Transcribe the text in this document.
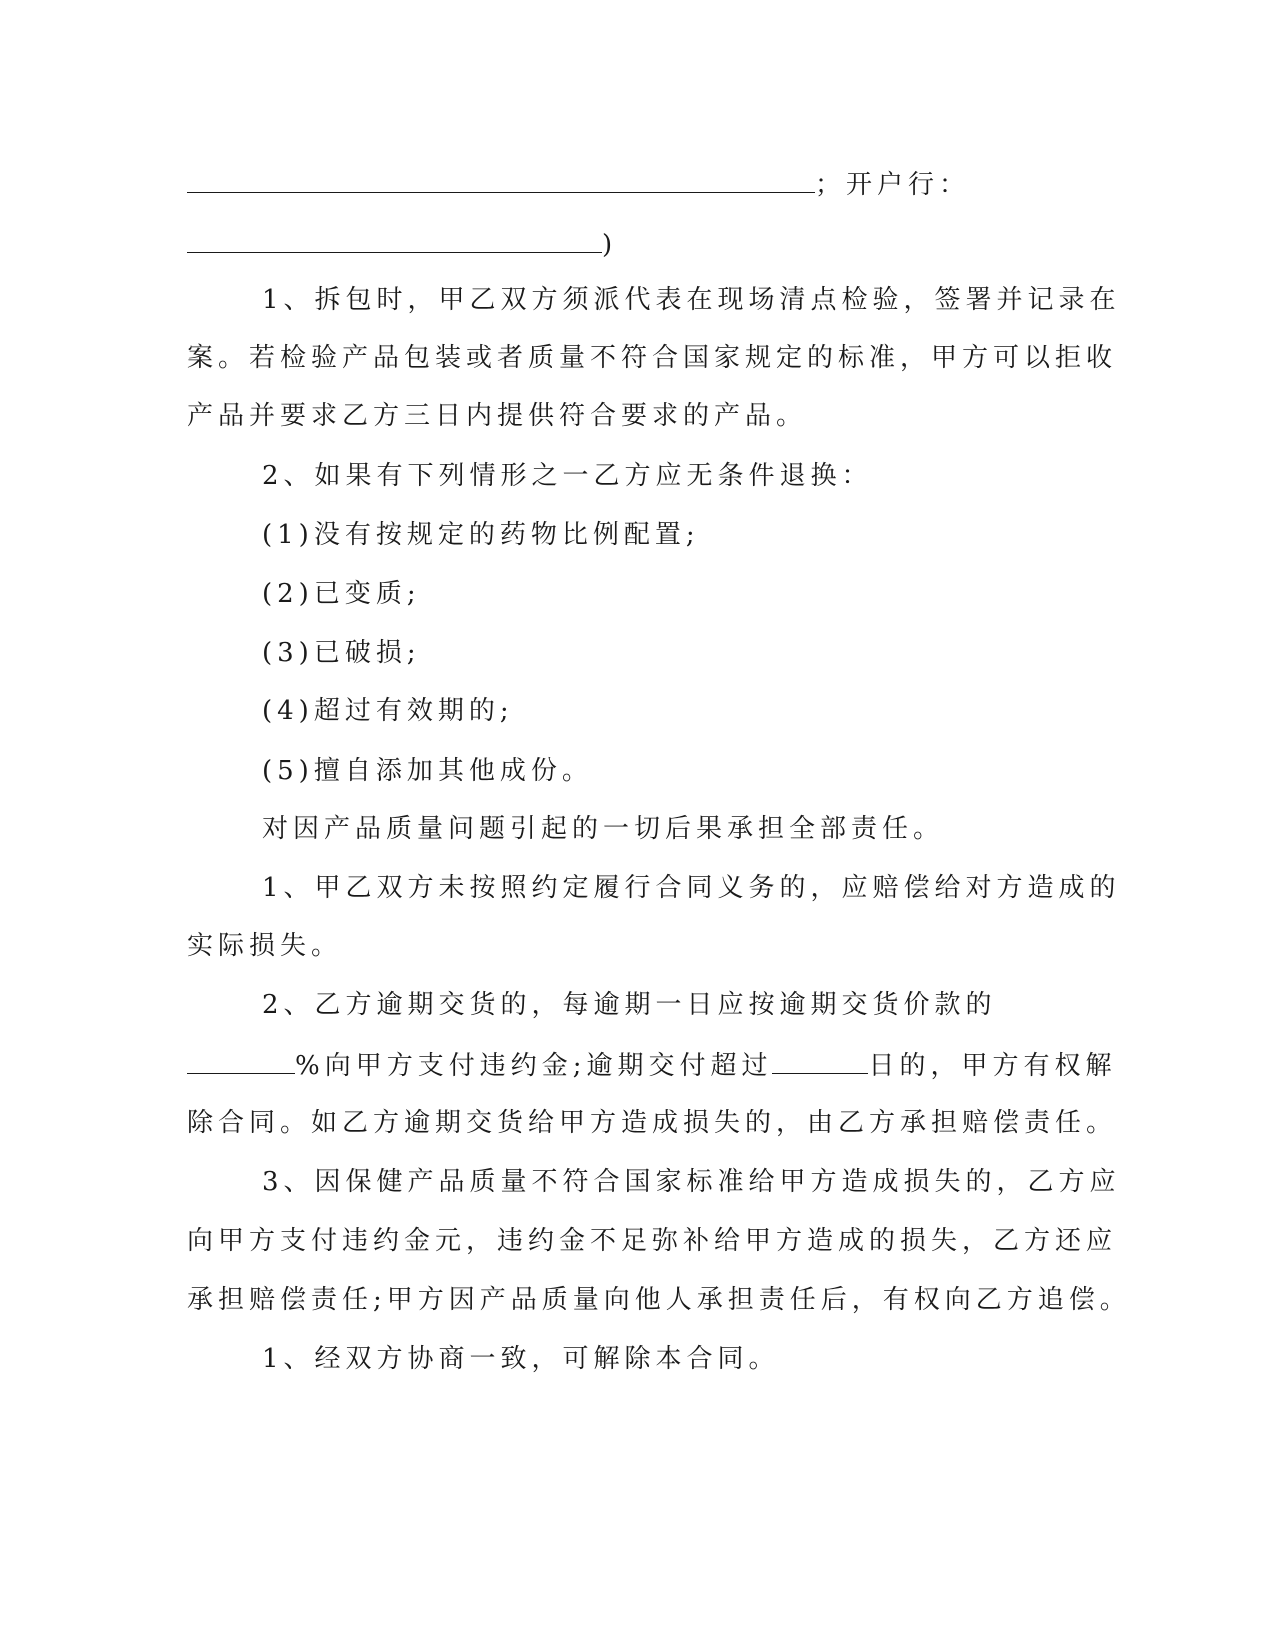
；开户行：
)
1、拆包时，甲乙双方须派代表在现场清点检验，签署并记录在
案。若检验产品包装或者质量不符合国家规定的标准，甲方可以拒收
产品并要求乙方三日内提供符合要求的产品。
2、如果有下列情形之一乙方应无条件退换：
(1)没有按规定的药物比例配置;
(2)已变质;
(3)已破损;
(4)超过有效期的;
(5)擅自添加其他成份。
对因产品质量问题引起的一切后果承担全部责任。
1、甲乙双方未按照约定履行合同义务的，应赔偿给对方造成的
实际损失。
2、乙方逾期交货的，每逾期一日应按逾期交货价款的
%向甲方支付违约金;逾期交付超过	日的，甲方有权解
除合同。如乙方逾期交货给甲方造成损失的，由乙方承担赔偿责任。
3、因保健产品质量不符合国家标准给甲方造成损失的，乙方应
向甲方支付违约金元，违约金不足弥补给甲方造成的损失，乙方还应
承担赔偿责任;甲方因产品质量向他人承担责任后，有权向乙方追偿。
1、经双方协商一致，可解除本合同。
